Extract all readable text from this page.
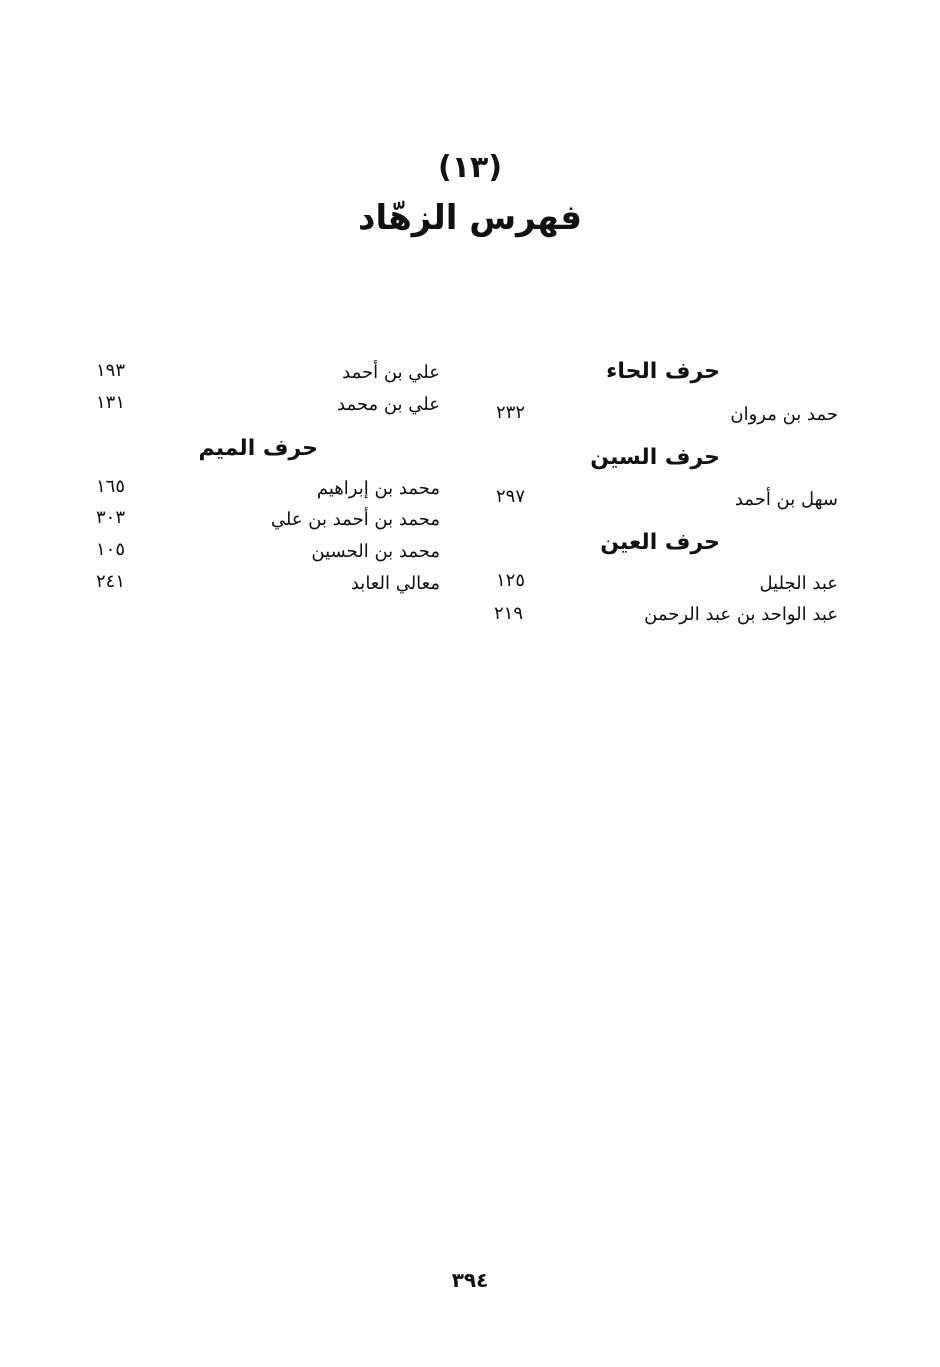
(١٣)
فهرس الزهّاد
حرف الحاء
حمد بن مروان
٢٣٢
حرف السين
سهل بن أحمد
٢٩٧
حرف العين
عبد الجليل
١٢٥
عبد الواحد بن عبد الرحمن
٢١٩
علي بن أحمد
١٩٣
علي بن محمد
١٣١
حرف الميم
محمد بن إبراهيم
١٦٥
محمد بن أحمد بن علي
٣٠٣
محمد بن الحسين
١٠٥
معالي العابد
٢٤١
٣٩٤
